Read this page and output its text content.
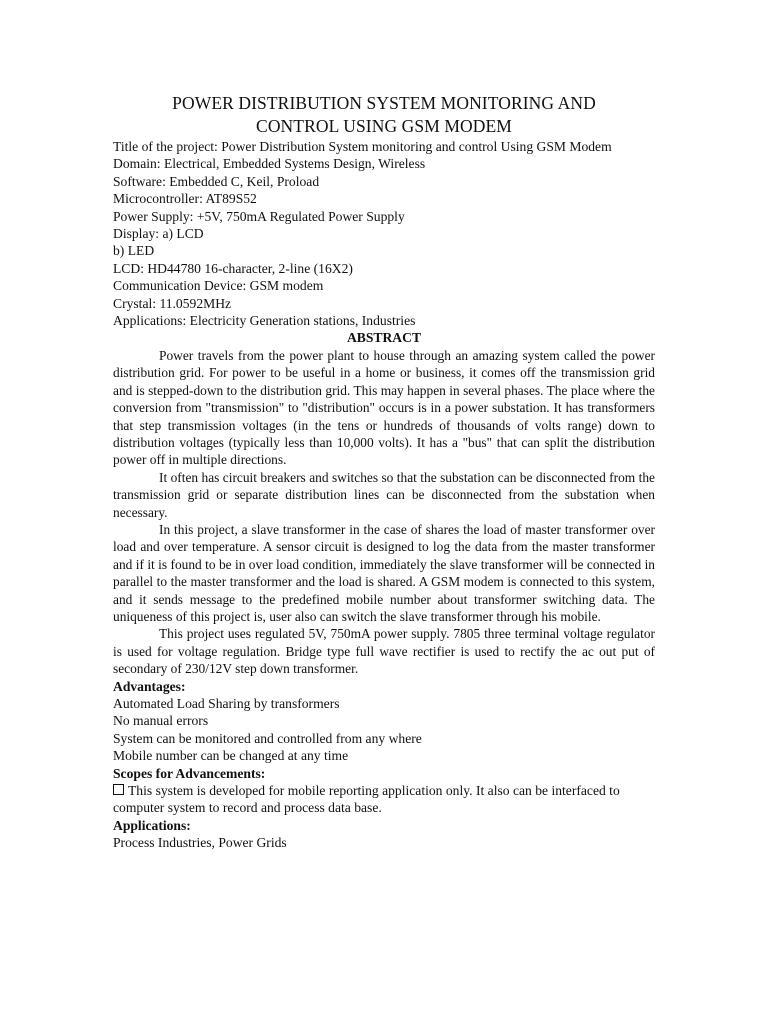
POWER DISTRIBUTION SYSTEM MONITORING AND
CONTROL USING GSM MODEM
Title of the project: Power Distribution System monitoring and control Using GSM Modem
Domain: Electrical, Embedded Systems Design, Wireless
Software: Embedded C, Keil, Proload
Microcontroller: AT89S52
Power Supply: +5V, 750mA Regulated Power Supply
Display: a) LCD
b) LED
LCD: HD44780 16-character, 2-line (16X2)
Communication Device: GSM modem
Crystal: 11.0592MHz
Applications: Electricity Generation stations, Industries
ABSTRACT

Power travels from the power plant to house through an amazing system called the power distribution grid. For power to be useful in a home or business, it comes off the transmission grid and is stepped-down to the distribution grid. This may happen in several phases. The place where the conversion from "transmission" to "distribution" occurs is in a power substation. It has transformers that step transmission voltages (in the tens or hundreds of thousands of volts range) down to distribution voltages (typically less than 10,000 volts). It has a "bus" that can split the distribution power off in multiple directions.

It often has circuit breakers and switches so that the substation can be disconnected from the transmission grid or separate distribution lines can be disconnected from the substation when necessary.

In this project, a slave transformer in the case of shares the load of master transformer over load and over temperature. A sensor circuit is designed to log the data from the master transformer and if it is found to be in over load condition, immediately the slave transformer will be connected in parallel to the master transformer and the load is shared. A GSM modem is connected to this system, and it sends message to the predefined mobile number about transformer switching data. The uniqueness of this project is, user also can switch the slave transformer through his mobile.

This project uses regulated 5V, 750mA power supply. 7805 three terminal voltage regulator is used for voltage regulation. Bridge type full wave rectifier is used to rectify the ac out put of secondary of 230/12V step down transformer.

Advantages:
Automated Load Sharing by transformers
No manual errors
System can be monitored and controlled from any where
Mobile number can be changed at any time
Scopes for Advancements:
This system is developed for mobile reporting application only. It also can be interfaced to computer system to record and process data base.
Applications:
Process Industries, Power Grids
